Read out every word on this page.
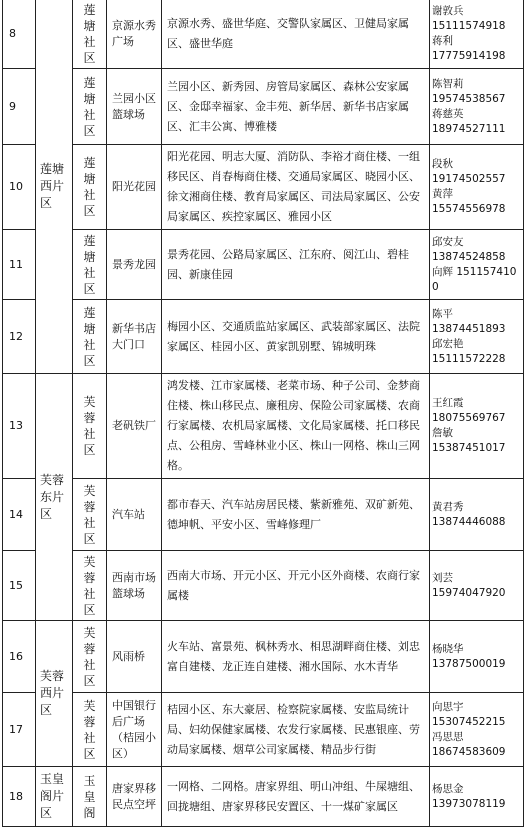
8	莲塘西片区	莲塘社区	京源水秀广场	京源水秀、盛世华庭、交警队家属区、卫健局家属区、盛世华庭	谢敦兵
15111574918
蒋利
17775914198

9		莲塘社区	兰园小区篮球场	兰园小区、新秀园、房管局家属区、森林公安家属区、金邸幸福家、金丰苑、新华居、新华书店家属区、汇丰公寓、博雅楼	陈智莉
19574538567
蒋慈英
18974527111

10		莲塘社区	阳光花园	阳光花园、明志大厦、消防队、李裕才商住楼、一组移民区、肖春梅商住楼、交通局家属区、晓园小区、徐文湘商住楼、教育局家属区、司法局家属区、公安局家属区、疾控家属区、雅园小区	段秋
19174502557
黄萍
15574556978

11		莲塘社区	景秀龙园	景秀花园、公路局家属区、江东府、阅江山、碧桂园、新康佳园	邱安友
13874524858
向辉 1511574100

12		莲塘社区	新华书店大门口	梅园小区、交通质监站家属区、武装部家属区、法院家属区、桂园小区、黄家凯别墅、锦城明珠	陈平
13874451893
邱宏艳
15111572228

13	芙蓉东片区	芙蓉社区	老矾铁厂	鸿发楼、江市家属楼、老菜市场、种子公司、金梦商住楼、株山移民点、廉租房、保险公司家属楼、农商行家属楼、农机局家属楼、文化局家属楼、托口移民点、公租房、雪峰林业小区、株山一网格、株山三网格。	王红霞
18075569767
詹敏
15387451017

14		芙蓉社区	汽车站	都市春天、汽车站房居民楼、紫新雅苑、双矿新苑、德坤帆、平安小区、雪峰修理厂	黄君秀
13874446088

15		芙蓉社区	西南市场篮球场	西南大市场、开元小区、开元小区外商楼、农商行家属楼	刘芸
15974047920

16	芙蓉西片区	芙蓉社区	风雨桥	火车站、富景苑、枫林秀水、相思湖畔商住楼、刘忠富自建楼、龙正连自建楼、湘水国际、水木青华	杨晓华
13787500019

17		芙蓉社区	中国银行后广场（桔园小区）	桔园小区、东大豪居、检察院家属楼、安监局统计局、妇幼保健家属楼、农发行家属楼、民惠银座、劳动局家属楼、烟草公司家属楼、精品步行街	向思宇
15307452215
冯思思
18674583609

18	玉皇阁片区	玉皇阁	唐家界移民点空坪	一网格、二网格。唐家界组、明山冲组、牛屎塘组、回拢塘组、唐家界移民安置区、十一煤矿家属区	杨思金
13973078119
